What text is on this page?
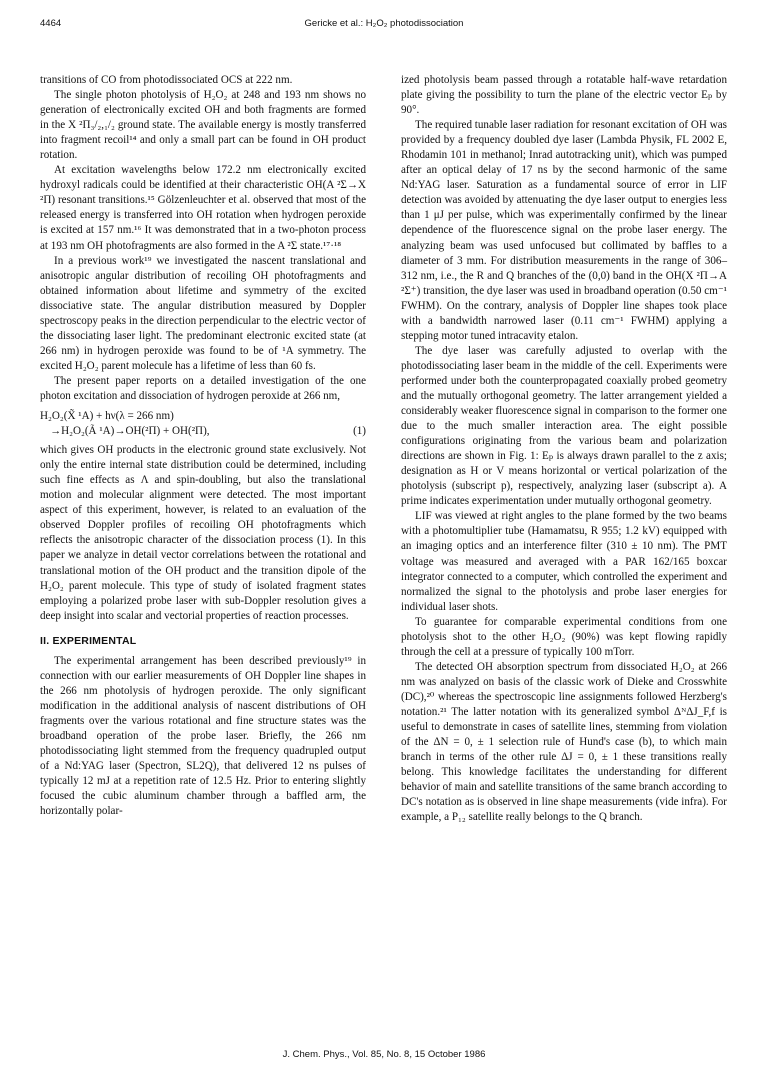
4464	Gericke et al.: H₂O₂ photodissociation

transitions of CO from photodissociated OCS at 222 nm.

The single photon photolysis of H₂O₂ at 248 and 193 nm shows no generation of electronically excited OH and both fragments are formed in the X ²Π₃/₂,₁/₂ ground state. The available energy is mostly transferred into fragment recoil¹⁴ and only a small part can be found in OH product rotation.

At excitation wavelengths below 172.2 nm electronically excited hydroxyl radicals could be identified at their characteristic OH(A ²Σ→X ²Π) resonant transitions.¹⁵ Gölzenleuchter et al. observed that most of the released energy is transferred into OH rotation when hydrogen peroxide is excited at 157 nm.¹⁶ It was demonstrated that in a two-photon process at 193 nm OH photofragments are also formed in the A ²Σ state.¹⁷·¹⁸

In a previous work¹⁹ we investigated the nascent translational and anisotropic angular distribution of recoiling OH photofragments and obtained information about lifetime and symmetry of the excited dissociative state. The angular distribution measured by Doppler spectroscopy peaks in the direction perpendicular to the electric vector of the dissociating laser light. The predominant electronic excited state (at 266 nm) in hydrogen peroxide was found to be of ¹A symmetry. The excited H₂O₂ parent molecule has a lifetime of less than 60 fs.

The present paper reports on a detailed investigation of the one photon excitation and dissociation of hydrogen peroxide at 266 nm,

H₂O₂(X̃ ¹A) + hν(λ = 266 nm)
→H₂O₂(Ã ¹A)→OH(²Π) + OH(²Π),	(1)

which gives OH products in the electronic ground state exclusively. Not only the entire internal state distribution could be determined, including such fine effects as Λ and spin-doubling, but also the translational motion and molecular alignment were detected. The most important aspect of this experiment, however, is related to an evaluation of the observed Doppler profiles of recoiling OH photofragments which reflects the anisotropic character of the dissociation process (1). In this paper we analyze in detail vector correlations between the rotational and translational motion of the OH product and the transition dipole of the H₂O₂ parent molecule. This type of study of isolated fragment states employing a polarized probe laser with sub-Doppler resolution gives a deep insight into scalar and vectorial properties of reaction processes.

II. EXPERIMENTAL

The experimental arrangement has been described previously¹⁹ in connection with our earlier measurements of OH Doppler line shapes in the 266 nm photolysis of hydrogen peroxide. The only significant modification in the additional analysis of nascent distributions of OH fragments over the various rotational and fine structure states was the broadband operation of the probe laser. Briefly, the 266 nm photodissociating light stemmed from the frequency quadrupled output of a Nd:YAG laser (Spectron, SL2Q), that delivered 12 ns pulses of typically 12 mJ at a repetition rate of 12.5 Hz. Prior to entering slightly focused the cubic aluminum chamber through a baffled arm, the horizontally polar-

ized photolysis beam passed through a rotatable half-wave retardation plate giving the possibility to turn the plane of the electric vector Eₚ by 90°.

The required tunable laser radiation for resonant excitation of OH was provided by a frequency doubled dye laser (Lambda Physik, FL 2002 E, Rhodamin 101 in methanol; Inrad autotracking unit), which was pumped after an optical delay of 17 ns by the second harmonic of the same Nd:YAG laser. Saturation as a fundamental source of error in LIF detection was avoided by attenuating the dye laser output to energies less than 1 μJ per pulse, which was experimentally confirmed by the linear dependence of the fluorescence signal on the probe laser energy. The analyzing beam was used unfocused but collimated by baffles to a diameter of 3 mm. For distribution measurements in the range of 306–312 nm, i.e., the R and Q branches of the (0,0) band in the OH(X ²Π→A ²Σ⁺) transition, the dye laser was used in broadband operation (0.50 cm⁻¹ FWHM). On the contrary, analysis of Doppler line shapes took place with a bandwidth narrowed laser (0.11 cm⁻¹ FWHM) applying a stepping motor tuned intracavity etalon.

The dye laser was carefully adjusted to overlap with the photodissociating laser beam in the middle of the cell. Experiments were performed under both the counterpropagated coaxially probed geometry and the mutually orthogonal geometry. The latter arrangement yielded a considerably weaker fluorescence signal in comparison to the former one due to the much smaller interaction area. The eight possible configurations originating from the various beam and polarization directions are shown in Fig. 1: Eₚ is always drawn parallel to the z axis; designation as H or V means horizontal or vertical polarization of the photolysis (subscript p), respectively, analyzing laser (subscript a). A prime indicates experimentation under mutually orthogonal geometry.

LIF was viewed at right angles to the plane formed by the two beams with a photomultiplier tube (Hamamatsu, R 955; 1.2 kV) equipped with an imaging optics and an interference filter (310 ± 10 nm). The PMT voltage was measured and averaged with a PAR 162/165 boxcar integrator connected to a computer, which controlled the experiment and normalized the signal to the photolysis and probe laser energies for individual laser shots.

To guarantee for comparable experimental conditions from one photolysis shot to the other H₂O₂ (90%) was kept flowing rapidly through the cell at a pressure of typically 100 mTorr.

The detected OH absorption spectrum from dissociated H₂O₂ at 266 nm was analyzed on basis of the classic work of Dieke and Crosswhite (DC),²⁰ whereas the spectroscopic line assignments followed Herzberg's notation.²¹ The latter notation with its generalized symbol ΔᴺΔJ_F,f is useful to demonstrate in cases of satellite lines, stemming from violation of the ΔN = 0, ± 1 selection rule of Hund's case (b), to which main branch in terms of the other rule ΔJ = 0, ± 1 these transitions really belong. This knowledge facilitates the understanding for different behavior of main and satellite transitions of the same branch according to DC's notation as is observed in line shape measurements (vide infra). For example, a P₁₂ satellite really belongs to the Q branch.

J. Chem. Phys., Vol. 85, No. 8, 15 October 1986
